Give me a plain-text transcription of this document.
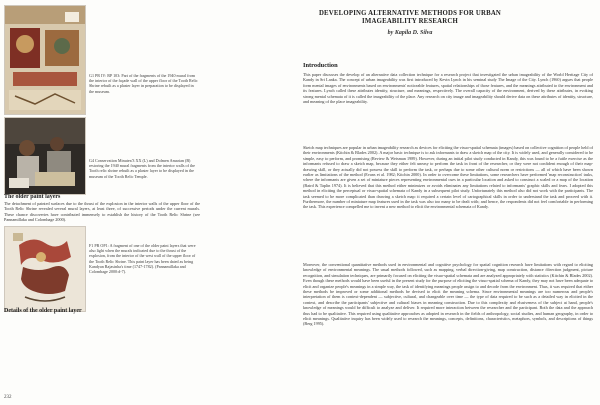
G1 PR IV: RP 103: Part of the fragments of the 1940 mural from the interior of the façade wall of the upper floor of the Tooth Relic Shrine rebuilt as a plaster layer in preparation to be displayed in the museum.
G4 Conservation Minutes/3 XX (L) and Dolmen Amarian (B) restoring the 1940 mural fragments from the interior walls of the Tooth relic shrine rebuilt as a plaster layer to be displayed in the museum of the Tooth Relic Temple.
The older paint layers
The detachment of painted surfaces due to the thrust of the explosion in the interior walls of the upper floor of the Tooth Relic Shrine revealed several mural layers, at least three, of successive periods under the current murals. These chance discoveries have contributed immensely to establish the history of the Tooth Relic Shrine (see Pannamillaka and Colombage 2000).
F1 PR OP1: A fragment of one of the older paint layers that were also light when the murals indicated due to the thrust of the explosion, from the interior of the west wall of the upper floor of the Tooth Relic Shrine. This paint layer has been dated as being Kandyan Rajasinha's time (1747-1782). (Pannamillaka and Colombage 2000:d-7).
Details of the older paint layer
DEVELOPING ALTERNATIVE METHODS FOR URBAN IMAGEABILITY RESEARCH
by Kapila D. Silva
Introduction
This paper discusses the develop of an alternative data collection technique for a research project that investigated the urban imageability of the World Heritage City of Kandy in Sri Lanka. The concept of urban imageability was first introduced by Kevin Lynch in his seminal study The Image of the City. Lynch (1960) argues that people form mental images of environments based on environments' noticeable features, spatial relationships of those features, and the meanings attributed to the environment and its features. Lynch called these attributes identity, structure, and meanings, respectively. The overall capacity of the environment, derived by these attributes, in evoking strong mental schemata of it is called the imageability of the place. Any research on city image and imageability should derive data on these attributes of identity, structure, and meaning of the place imageability.
Sketch map techniques are popular in urban imageability research as devices for eliciting the visuo-spatial schemata (images) based on collective cognition of people held of their environments (Kitchin & Blades 2002). A major basic technique is to ask informants to draw a sketch map of the city. It is widely used, and generally considered to be simple, easy to perform, and promising (Review & Weisman 1989). However, during an initial pilot study conducted in Kandy, this was found to be a futile exercise as the informants refused to draw a sketch map, because they either felt uneasy to perform the task in front of the researcher, or they were not confident enough of their map-drawing skill, or they actually did not possess the skill to perform the task, or perhaps due to some other cultural norm or restrictions — all of which have been shown earlier as limitations of the method (Evans et al. 1982; Kitchin 2000). In order to overcome these limitations, some researchers have performed 'map reconstruction' tasks, where the informants are given a set of miniature pieces representing environmental cues in a particular location and asked to construct a scaled or a map of the location (Baird & Taplin 1974). It is believed that this method either minimizes or avoids eliminates any limitations related to informants' graphic skills and fears. I adopted this method in eliciting the perceptual or visuo-spatial schemata of Kandy in a subsequent pilot study. Unfortunately this method also did not work with the participants. The task seemed to be more complicated than drawing a sketch map: it required a certain level of cartographical skills in order to understand the task and proceed with it. Furthermore, the number of miniature map features used in the task was also too many to be dealt with; and hence, the respondents did not feel comfortable in performing the task. This experience compelled me to invent a new method to elicit the environmental schemata of Kandy.
Moreover, the conventional quantitative methods used in environmental and cognitive psychology for spatial cognition research have limitations with regard to eliciting knowledge of environmental meanings. The usual methods followed, such as mapping, verbal direction-giving, map construction, distance /direction judgment, picture recognition, and simulation techniques, are primarily focused on eliciting the visuo-spatial schemata and are analyzed appropriately with statistics (Kitchin & Blades 2002). Even though these methods would have been useful in the present study for the purpose of eliciting the visuo-spatial schema of Kandy, they may not have been adequate to elicit and organize people's meanings in a simple way, the task of identifying meanings people assign to and decode from the environment. Thus, it was required that either these methods be improved or some additional methods be devised to elicit the meaning schema. Since environmental meanings are too numerous and people's interpretation of them is context-dependent — subjective, cultural, and changeable over time — the type of data required to be such as a detailed way in elicited in the context, and describe the participants' subjective and cultural biases in meaning construction. Due to this complexity and elusiveness of the subject at hand, people's knowledge of meanings would be difficult to analyze and deliver. It required more interaction between the researcher and the participant. Both the data and the approach thus had to be qualitative. This required using qualitative approaches as adopted in research in the fields of anthropology, social studies, and human geography, in order to elicit meanings. Qualitative inquiry has been widely used to research the meanings, concepts, definitions, characteristics, metaphors, symbols, and descriptions of things (Berg 1995).
232
